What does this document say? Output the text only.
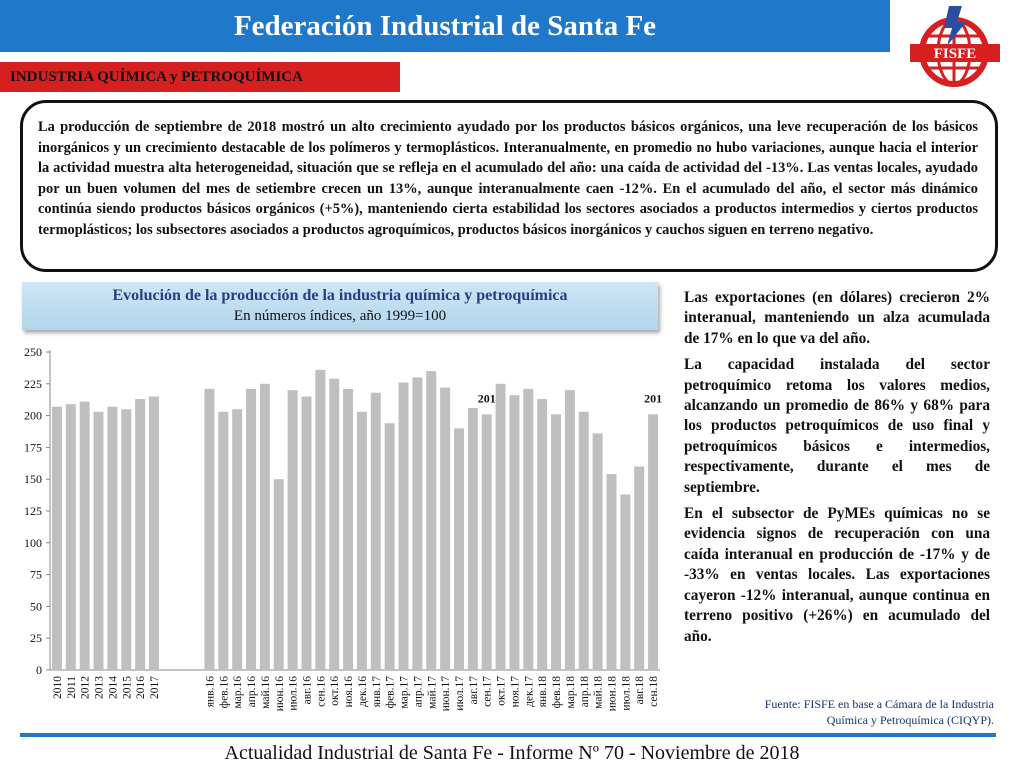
Federación Industrial de Santa Fe
FISFE
INDUSTRIA QUÍMICA y PETROQUÍMICA
La producción de septiembre de 2018 mostró un alto crecimiento ayudado por los productos básicos orgánicos, una leve recuperación de los básicos inorgánicos y un crecimiento destacable de los polímeros y termoplásticos. Interanualmente, en promedio no hubo variaciones, aunque hacia el interior la actividad muestra alta heterogeneidad, situación que se refleja en el acumulado del año: una caída de actividad del -13%. Las ventas locales, ayudado por un buen volumen del mes de setiembre crecen un 13%, aunque interanualmente caen -12%. En el acumulado del año, el sector más dinámico continúa siendo productos básicos orgánicos (+5%), manteniendo cierta estabilidad los sectores asociados a productos intermedios y ciertos productos termoplásticos; los subsectores asociados a productos agroquímicos, productos básicos inorgánicos y cauchos siguen en terreno negativo.
Evolución de la producción de la industria química y petroquímica
En números índices, año 1999=100
0
25
50
75
100
125
150
175
200
225
250
2010 2011 2012 2013 2014 2015 2016 2017	янв.16 фев.16 мар.16 апр.16 май.16 июн.16 июл.16 авг.16 сен.16 окт.16 ноя.16 дек.16 янв.17 фев.17 мар.17 апр.17 май.17 июн.17 июл.17 авг.17 сен.17 окт.17 ноя.17 дек.17 янв.18 фев.18 мар.18 апр.18 май.18 июн.18 июл.18 авг.18 сен.18
201	201

Las exportaciones (en dólares) crecieron 2% interanual, manteniendo un alza acumulada de 17% en lo que va del año.

La capacidad instalada del sector petroquímico retoma los valores medios, alcanzando un promedio de 86% y 68% para los productos petroquímicos de uso final y petroquímicos básicos e intermedios, respectivamente, durante el mes de septiembre.

En el subsector de PyMEs químicas no se evidencia signos de recuperación con una caída interanual en producción de -17% y de -33% en ventas locales. Las exportaciones cayeron -12% interanual, aunque continua en terreno positivo (+26%) en acumulado del año.

Fuente: FISFE en base a Cámara de la Industria
Química y Petroquímica (CIQYP).
Actualidad Industrial de Santa Fe - Informe Nº 70 - Noviembre de 2018
